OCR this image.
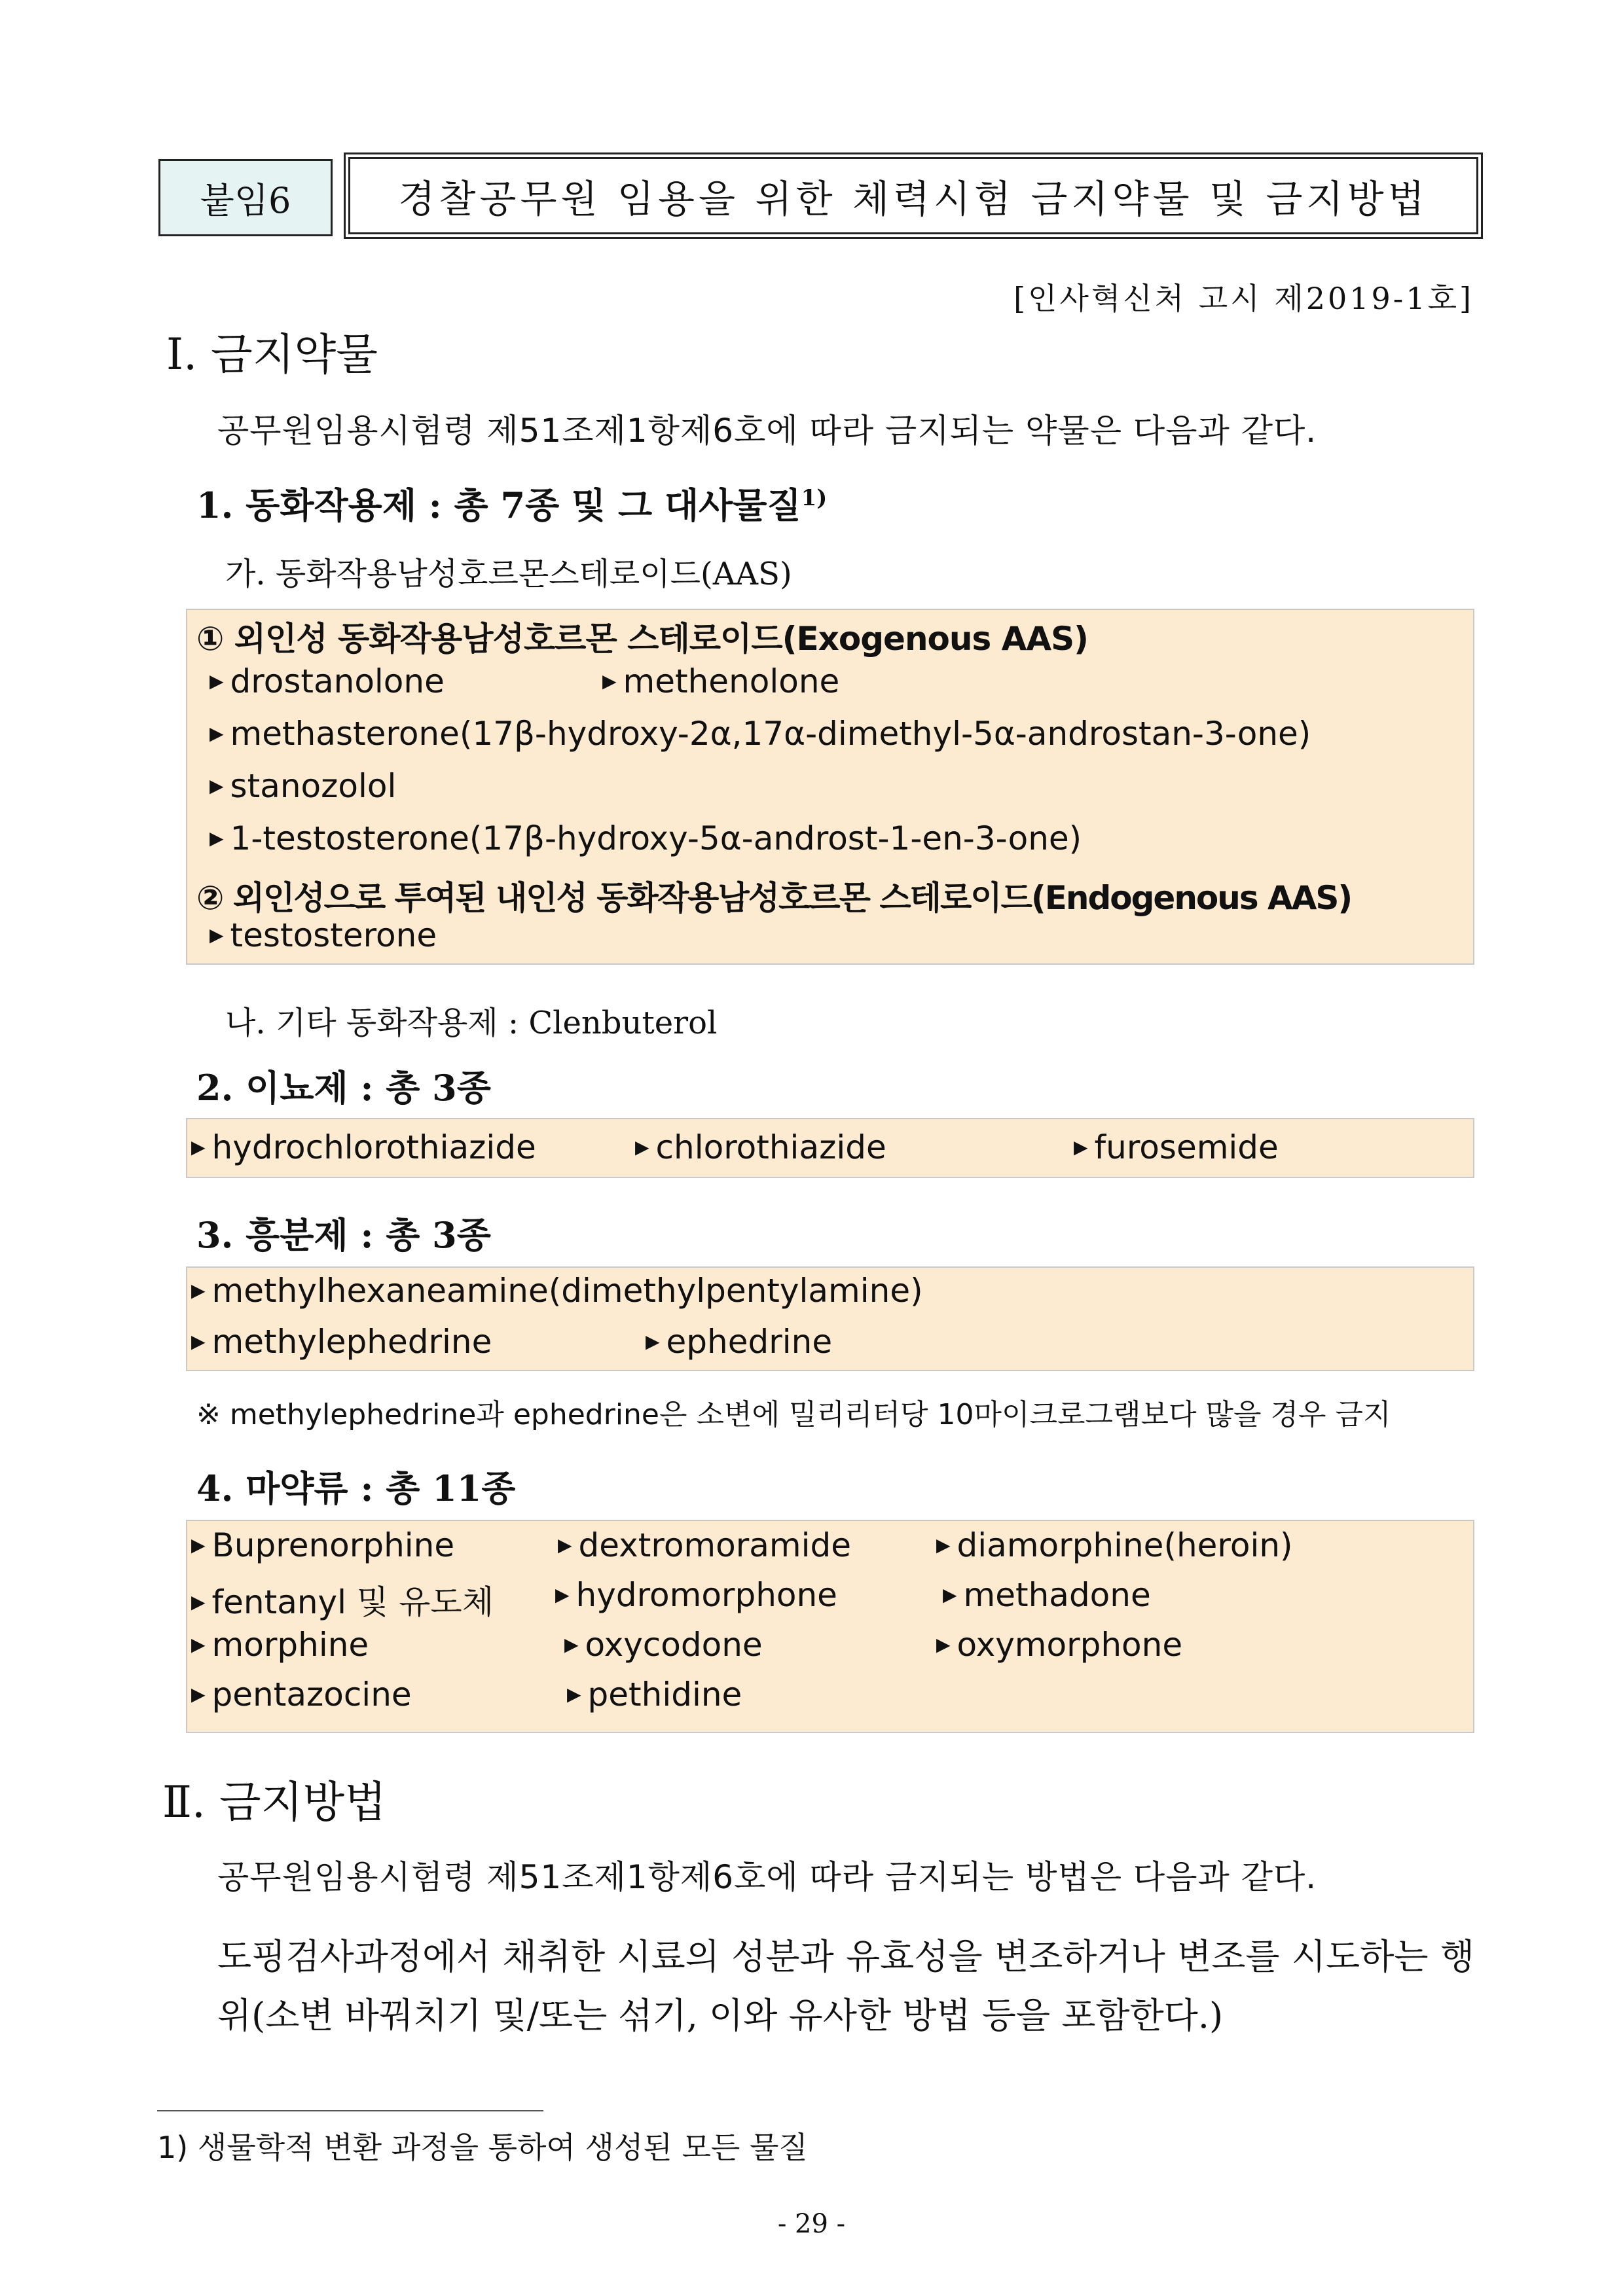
붙임6	경찰공무원 임용을 위한 체력시험 금지약물 및 금지방법
[인사혁신처 고시 제2019-1호]
Ⅰ. 금지약물
공무원임용시험령 제51조제1항제6호에 따라 금지되는 약물은 다음과 같다.
1. 동화작용제 : 총 7종 및 그 대사물질$^{1)}$
가. 동화작용남성호르몬스테로이드(AAS)
① 외인성 동화작용남성호르몬 스테로이드(Exogenous AAS)
▶ drostanolone	▶ methenolone
▶ methasterone(17β-hydroxy-2α,17α-dimethyl-5α-androstan-3-one)
▶ stanozolol
▶ 1-testosterone(17β-hydroxy-5α-androst-1-en-3-one)
② 외인성으로 투여된 내인성 동화작용남성호르몬 스테로이드(Endogenous AAS)
▶ testosterone
나. 기타 동화작용제 : Clenbuterol
2. 이뇨제 : 총 3종
▶ hydrochlorothiazide	▶ chlorothiazide	▶ furosemide
3. 흥분제 : 총 3종
▶ methylhexaneamine(dimethylpentylamine)
▶ methylephedrine	▶ ephedrine
※ methylephedrine과 ephedrine은 소변에 밀리리터당 10마이크로그램보다 많을 경우 금지
4. 마약류 : 총 11종
▶ Buprenorphine	▶ dextromoramide	▶ diamorphine(heroin)
▶ fentanyl 및 유도체	▶ hydromorphone	▶ methadone
▶ morphine	▶ oxycodone	▶ oxymorphone
▶ pentazocine	▶ pethidine
Ⅱ. 금지방법
공무원임용시험령 제51조제1항제6호에 따라 금지되는 방법은 다음과 같다.
도핑검사과정에서 채취한 시료의 성분과 유효성을 변조하거나 변조를 시도하는 행위(소변 바꿔치기 및/또는 섞기, 이와 유사한 방법 등을 포함한다.)
1) 생물학적 변환 과정을 통하여 생성된 모든 물질
- 29 -
